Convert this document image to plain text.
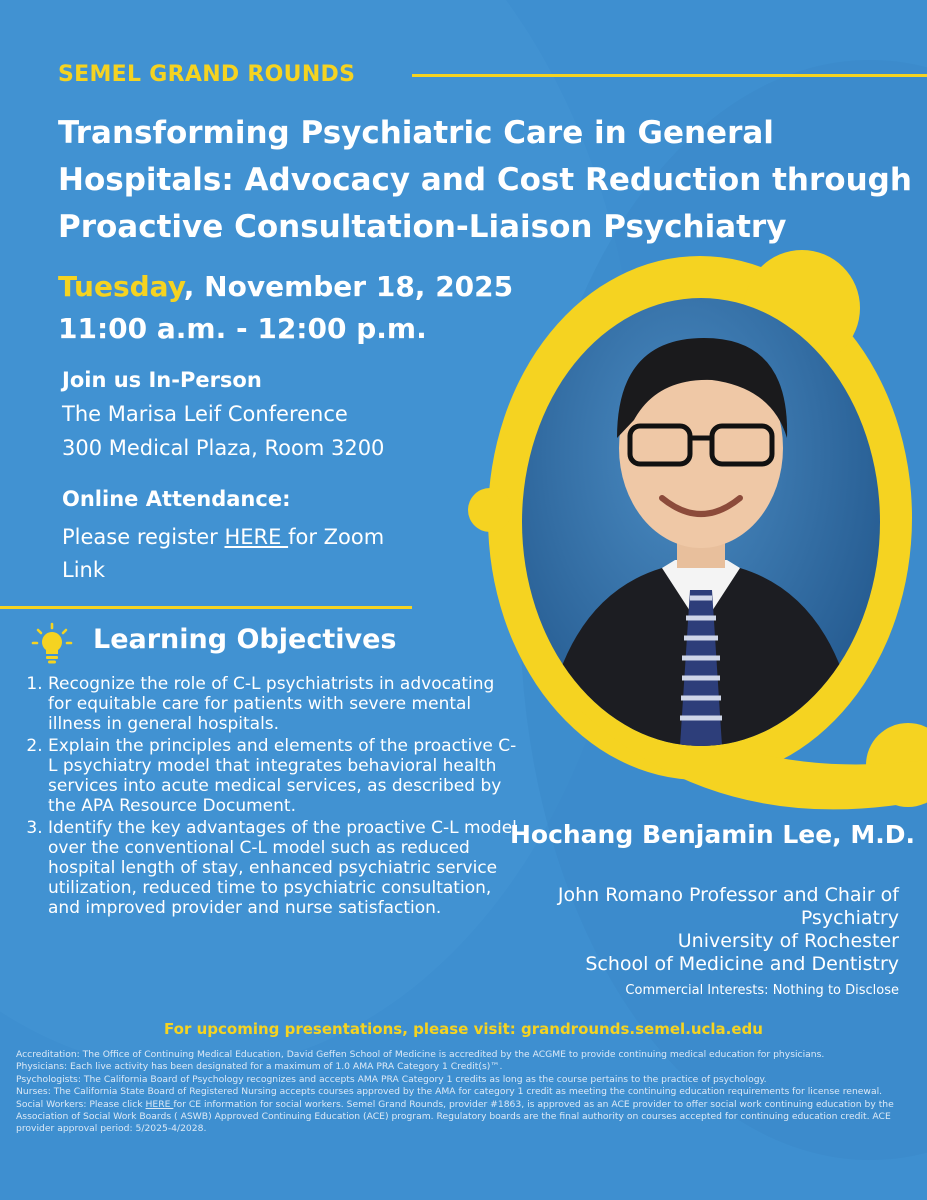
SEMEL GRAND ROUNDS
Transforming Psychiatric Care in General Hospitals: Advocacy and Cost Reduction through Proactive Consultation-Liaison Psychiatry
Tuesday, November 18, 2025
11:00 a.m. - 12:00 p.m.
Join us In-Person
The Marisa Leif Conference
300 Medical Plaza, Room 3200
Online Attendance:
Please register HERE for Zoom Link
Learning Objectives
1. Recognize the role of C-L psychiatrists in advocating for equitable care for patients with severe mental illness in general hospitals.
2. Explain the principles and elements of the proactive C-L psychiatry model that integrates behavioral health services into acute medical services, as described by the APA Resource Document.
3. Identify the key advantages of the proactive C-L model over the conventional C-L model such as reduced hospital length of stay, enhanced psychiatric service utilization, reduced time to psychiatric consultation, and improved provider and nurse satisfaction.
Hochang Benjamin Lee, M.D.
John Romano Professor and Chair of
Psychiatry
University of Rochester
School of Medicine and Dentistry
Commercial Interests: Nothing to Disclose
For upcoming presentations, please visit: grandrounds.semel.ucla.edu

Accreditation: The Office of Continuing Medical Education, David Geffen School of Medicine is accredited by the ACGME to provide continuing medical education for physicians.

Physicians: Each live activity has been designated for a maximum of 1.0 AMA PRA Category 1 Credit(s)™.

Psychologists: The California Board of Psychology recognizes and accepts AMA PRA Category 1 credits as long as the course pertains to the practice of psychology.

Nurses: The California State Board of Registered Nursing accepts courses approved by the AMA for category 1 credit as meeting the continuing education requirements for license renewal.

Social Workers: Please click HERE for CE information for social workers. Semel Grand Rounds, provider #1863, is approved as an ACE provider to offer social work continuing education by the Association of Social Work Boards ( ASWB) Approved Continuing Education (ACE) program. Regulatory boards are the final authority on courses accepted for continuing education credit. ACE provider approval period: 5/2025-4/2028.
